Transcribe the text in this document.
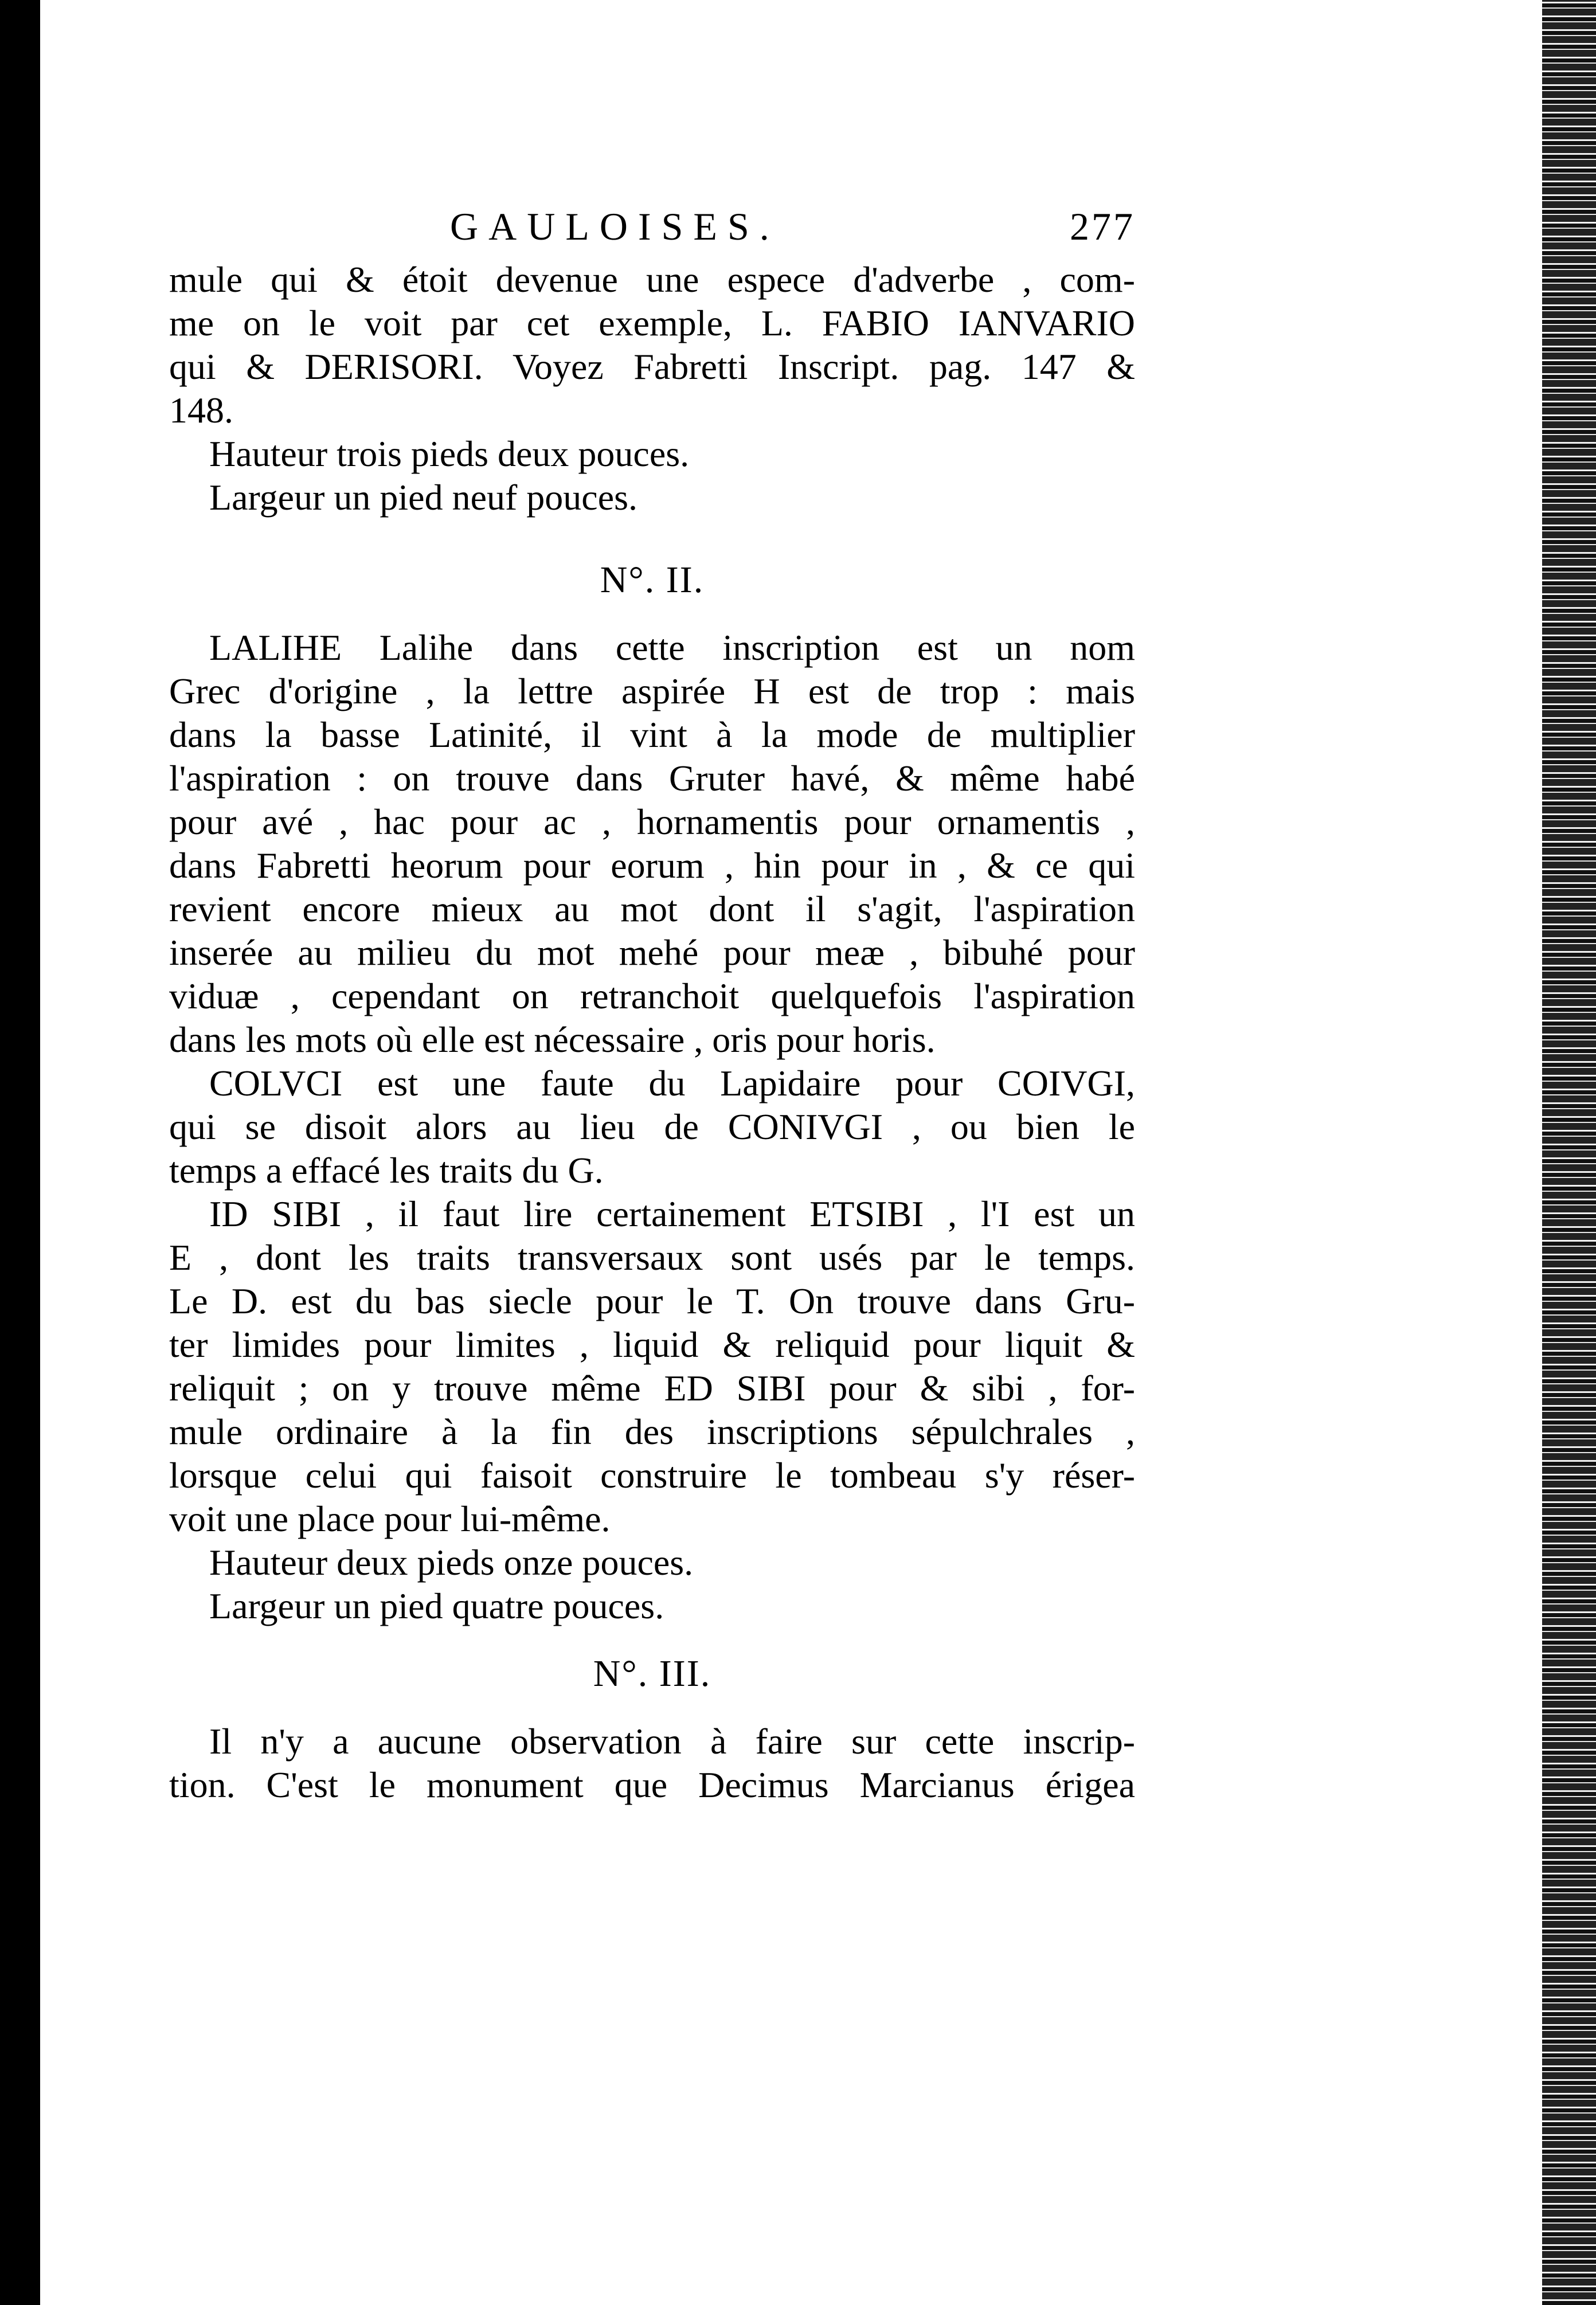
GAULOISES.	277
mule qui & étoit devenue une espece d'adverbe , com-
me on le voit par cet exemple, L. FABIO IANVARIO
qui & DERISORI. Voyez Fabretti Inscript. pag. 147 &
148.
Hauteur trois pieds deux pouces.
Largeur un pied neuf pouces.
N°. II.
LALIHE Lalihe dans cette inscription est un nom
Grec d'origine , la lettre aspirée H est de trop : mais
dans la basse Latinité, il vint à la mode de multiplier
l'aspiration : on trouve dans Gruter havé, & même habé
pour avé , hac pour ac , hornamentis pour ornamentis ,
dans Fabretti heorum pour eorum , hin pour in , & ce qui
revient encore mieux au mot dont il s'agit, l'aspiration
inserée au milieu du mot mehé pour meæ , bibuhé pour
viduæ , cependant on retranchoit quelquefois l'aspiration
dans les mots où elle est nécessaire , oris pour horis.
COLVCI est une faute du Lapidaire pour COIVGI,
qui se disoit alors au lieu de CONIVGI , ou bien le
temps a effacé les traits du G.
ID SIBI , il faut lire certainement ETSIBI , l'I est un
E , dont les traits transversaux sont usés par le temps.
Le D. est du bas siecle pour le T. On trouve dans Gru-
ter limides pour limites , liquid & reliquid pour liquit &
reliquit ; on y trouve même ED SIBI pour & sibi , for-
mule ordinaire à la fin des inscriptions sépulchrales ,
lorsque celui qui faisoit construire le tombeau s'y réser-
voit une place pour lui-même.
Hauteur deux pieds onze pouces.
Largeur un pied quatre pouces.
N°. III.
Il n'y a aucune observation à faire sur cette inscrip-
tion. C'est le monument que Decimus Marcianus érigea
